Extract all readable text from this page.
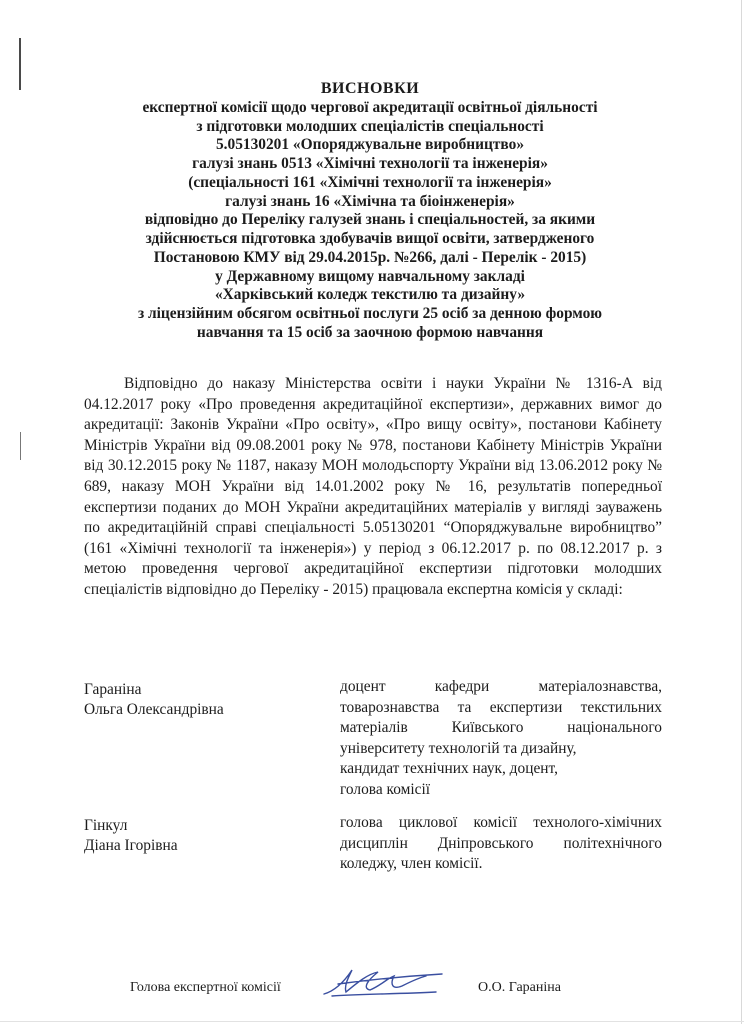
ВИСНОВКИ
експертної комісії щодо чергової акредитації освітньої діяльності
з підготовки молодших спеціалістів спеціальності
5.05130201 «Опоряджувальне виробництво»
галузі знань 0513 «Хімічні технології та інженерія»
(спеціальності 161 «Хімічні технології та інженерія»
галузі знань 16 «Хімічна та біоінженерія»
відповідно до Переліку галузей знань і спеціальностей, за якими
здійснюється підготовка здобувачів вищої освіти, затвердженого
Постановою КМУ від 29.04.2015р. №266, далі - Перелік - 2015)
у Державному вищому навчальному закладі
«Харківський коледж текстилю та дизайну»
з ліцензійним обсягом освітньої послуги 25 осіб за денною формою
навчання та 15 осіб за заочною формою навчання
Відповідно до наказу Міністерства освіти і науки України № 1316-А від 04.12.2017 року «Про проведення акредитаційної експертизи», державних вимог до акредитації: Законів України «Про освіту», «Про вищу освіту», постанови Кабінету Міністрів України від 09.08.2001 року № 978, постанови Кабінету Міністрів України від 30.12.2015 року № 1187, наказу МОН молодьспорту України від 13.06.2012 року № 689, наказу МОН України від 14.01.2002 року № 16, результатів попередньої експертизи поданих до МОН України акредитаційних матеріалів у вигляді зауважень по акредитаційній справі спеціальності 5.05130201 “Опоряджувальне виробництво” (161 «Хімічні технології та інженерія») у період з 06.12.2017 р. по 08.12.2017 р. з метою проведення чергової акредитаційної експертизи підготовки молодших спеціалістів відповідно до Переліку - 2015) працювала експертна комісія у складі:
Гараніна
Ольга Олександрівна
доцент кафедри матеріалознавства, товарознавства та експертизи текстильних матеріалів Київського національного університету технологій та дизайну,
кандидат технічних наук, доцент,
голова комісії
Гінкул
Діана Ігорівна
голова циклової комісії технолого-хімічних дисциплін Дніпровського політехнічного коледжу, член комісії.
Голова експертної комісії	О.О. Гараніна
